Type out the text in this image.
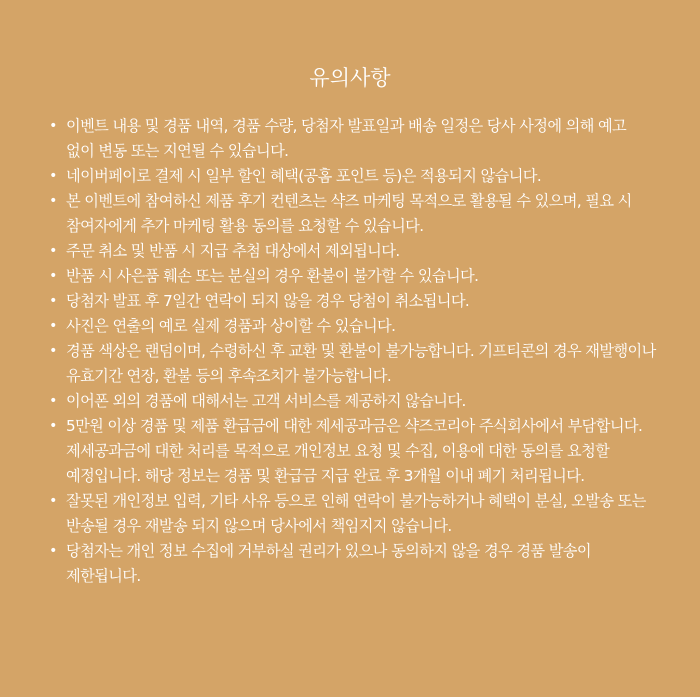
유의사항
• 이벤트 내용 및 경품 내역, 경품 수량, 당첨자 발표일과 배송 일정은 당사 사정에 의해 예고 없이 변동 또는 지연될 수 있습니다.
• 네이버페이로 결제 시 일부 할인 혜택(공홈 포인트 등)은 적용되지 않습니다.
• 본 이벤트에 참여하신 제품 후기 컨텐츠는 샥즈 마케팅 목적으로 활용될 수 있으며, 필요 시 참여자에게 추가 마케팅 활용 동의를 요청할 수 있습니다.
• 주문 취소 및 반품 시 지급 추첨 대상에서 제외됩니다.
• 반품 시 사은품 훼손 또는 분실의 경우 환불이 불가할 수 있습니다.
• 당첨자 발표 후 7일간 연락이 되지 않을 경우 당첨이 취소됩니다.
• 사진은 연출의 예로 실제 경품과 상이할 수 있습니다.
• 경품 색상은 랜덤이며, 수령하신 후 교환 및 환불이 불가능합니다. 기프티콘의 경우 재발행이나 유효기간 연장, 환불 등의 후속조치가 불가능합니다.
• 이어폰 외의 경품에 대해서는 고객 서비스를 제공하지 않습니다.
• 5만원 이상 경품 및 제품 환급금에 대한 제세공과금은 샥즈코리아 주식회사에서 부담합니다. 제세공과금에 대한 처리를 목적으로 개인정보 요청 및 수집, 이용에 대한 동의를 요청할 예정입니다. 해당 정보는 경품 및 환급금 지급 완료 후 3개월 이내 폐기 처리됩니다.
• 잘못된 개인정보 입력, 기타 사유 등으로 인해 연락이 불가능하거나 혜택이 분실, 오발송 또는 반송될 경우 재발송 되지 않으며 당사에서 책임지지 않습니다.
• 당첨자는 개인 정보 수집에 거부하실 권리가 있으나 동의하지 않을 경우 경품 발송이 제한됩니다.
